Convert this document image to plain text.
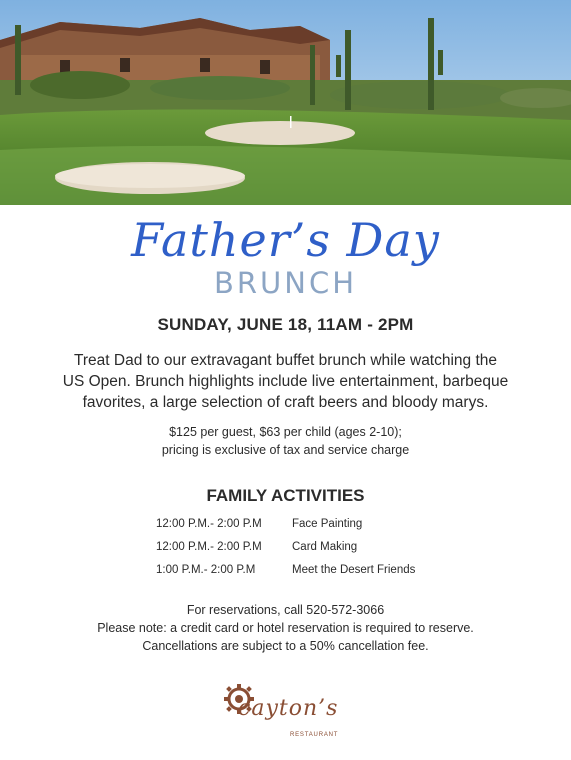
Father’s Day
BRUNCH
SUNDAY, JUNE 18, 11AM - 2PM
Treat Dad to our extravagant buffet brunch while watching the
US Open. Brunch highlights include live entertainment, barbeque
favorites, a large selection of craft beers and bloody marys.
$125 per guest, $63 per child (ages 2-10);
pricing is exclusive of tax and service charge
FAMILY ACTIVITIES
12:00 P.M.- 2:00 P.M	Face Painting
12:00 P.M.- 2:00 P.M	Card Making
1:00 P.M.- 2:00 P.M	Meet the Desert Friends
For reservations, call 520-572-3066
Please note: a credit card or hotel reservation is required to reserve.
Cancellations are subject to a 50% cancellation fee.
cayton’s
RESTAURANT
